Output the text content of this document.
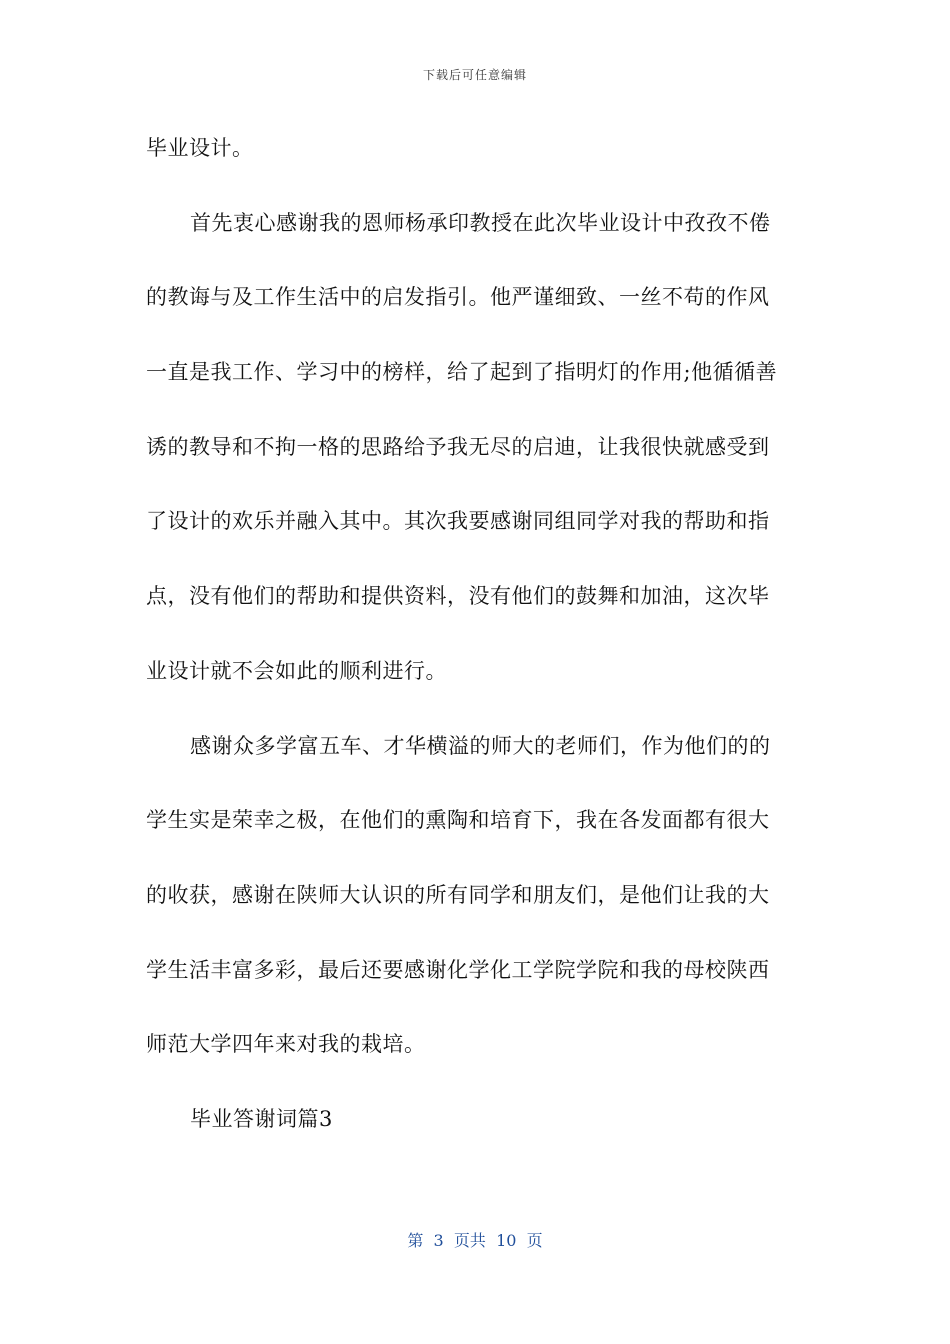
下载后可任意编辑
毕业设计。
首先衷心感谢我的恩师杨承印教授在此次毕业设计中孜孜不倦
的教诲与及工作生活中的启发指引。他严谨细致、一丝不苟的作风
一直是我工作、学习中的榜样，给了起到了指明灯的作用;他循循善
诱的教导和不拘一格的思路给予我无尽的启迪，让我很快就感受到
了设计的欢乐并融入其中。其次我要感谢同组同学对我的帮助和指
点，没有他们的帮助和提供资料，没有他们的鼓舞和加油，这次毕
业设计就不会如此的顺利进行。
感谢众多学富五车、才华横溢的师大的老师们，作为他们的的
学生实是荣幸之极，在他们的熏陶和培育下，我在各发面都有很大
的收获，感谢在陕师大认识的所有同学和朋友们，是他们让我的大
学生活丰富多彩，最后还要感谢化学化工学院学院和我的母校陕西
师范大学四年来对我的栽培。
毕业答谢词篇3
第  3  页共  10  页
